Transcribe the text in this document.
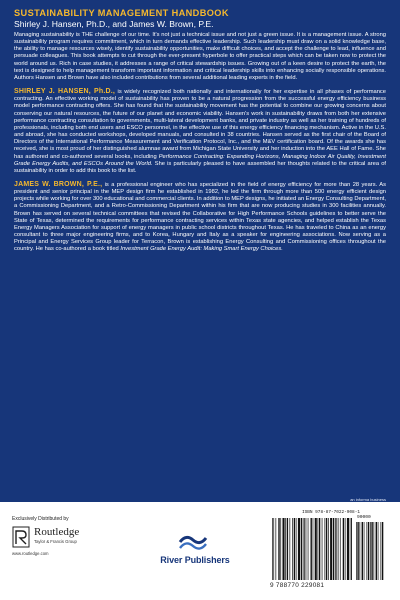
SUSTAINABILITY MANAGEMENT HANDBOOK
Shirley J. Hansen, Ph.D., and James W. Brown, P.E.

Managing sustainability is THE challenge of our time. It's not just a technical issue and not just a green issue. It is a management issue. A strong sustainability program requires commitment, which in turn demands effective leadership. Such leadership must draw on a solid knowledge base, the ability to manage resources wisely, identify sustainability opportunities, make difficult choices, and accept the challenge to lead, influence and persuade colleagues. This book attempts to cut through the ever-present hyperbole to offer practical steps which can be taken now to protect the world around us. Rich in case studies, it addresses a range of critical stewardship issues. Growing out of a keen desire to protect the earth, the text is designed to help management transform important information and critical leadership skills into enhancing socially responsible operations. Authors Hansen and Brown have also included contributions from several additional leading experts in the field.

SHIRLEY J. HANSEN, Ph.D., is widely recognized both nationally and internationally for her expertise in all phases of performance contracting. An effective working model of sustainability has proven to be a natural progression from the successful energy efficiency business model performance contracting offers. She has found that the sustainability movement has the potential to combine our growing concerns about conserving our natural resources, the future of our planet and economic viability. Hansen's work in sustainability draws from both her extensive performance contracting consultation to governments, multi-lateral development banks, and private industry as well as her training of hundreds of professionals, including both end users and ESCO personnel, in the effective use of this energy efficiency financing mechanism. Active in the U.S. and abroad, she has conducted workshops, developed manuals, and consulted in 38 countries. Hansen served as the first chair of the Board of Directors of the International Performance Measurement and Verification Protocol, Inc., and the M&V certification board. Of the awards she has received, she is most proud of her distinguished alumnae award from Michigan State University and her induction into the AEE Hall of Fame. She has authored and co-authored several books, including Performance Contracting: Expanding Horizons, Managing Indoor Air Quality, Investment Grade Energy Audits, and ESCOs Around the World. She is particularly pleased to have assembled her thoughts related to the critical area of sustainability in order to add this book to the list.

JAMES W. BROWN, P.E., is a professional engineer who has specialized in the field of energy efficiency for more than 28 years. As president and senior principal in the MEP design firm he established in 1982, he led the firm through more than 500 energy efficient design projects while working for over 300 educational and commercial clients. In addition to MEP designs, he initiated an Energy Consulting Department, a Commissioning Department, and a Retro-Commissioning Department within his firm that are now producing studies in 300 facilities annually. Brown has served on several technical committees that revised the Collaborative for High Performance Schools guidelines to better serve the State of Texas, determined the requirements for performance contracting services within Texas state agencies, and helped establish the Texas Energy Managers Association for support of energy managers in public school districts throughout Texas. He has traveled to China as an energy consultant to three major engineering firms, and to Korea, Hungary and Italy as a speaker for engineering associations. Now serving as a Principal and Energy Services Group leader for Terracon, Brown is establishing Energy Consulting and Commissioning offices throughout the country. He has co-authored a book titled Investment Grade Energy Audit: Making Smart Energy Choices.

an informa business
Exclusively Distributed by
Routledge
Taylor & Francis Group
www.routledge.com
River Publishers
ISBN 978-87-7022-908-1
90000
9 788770 229081
